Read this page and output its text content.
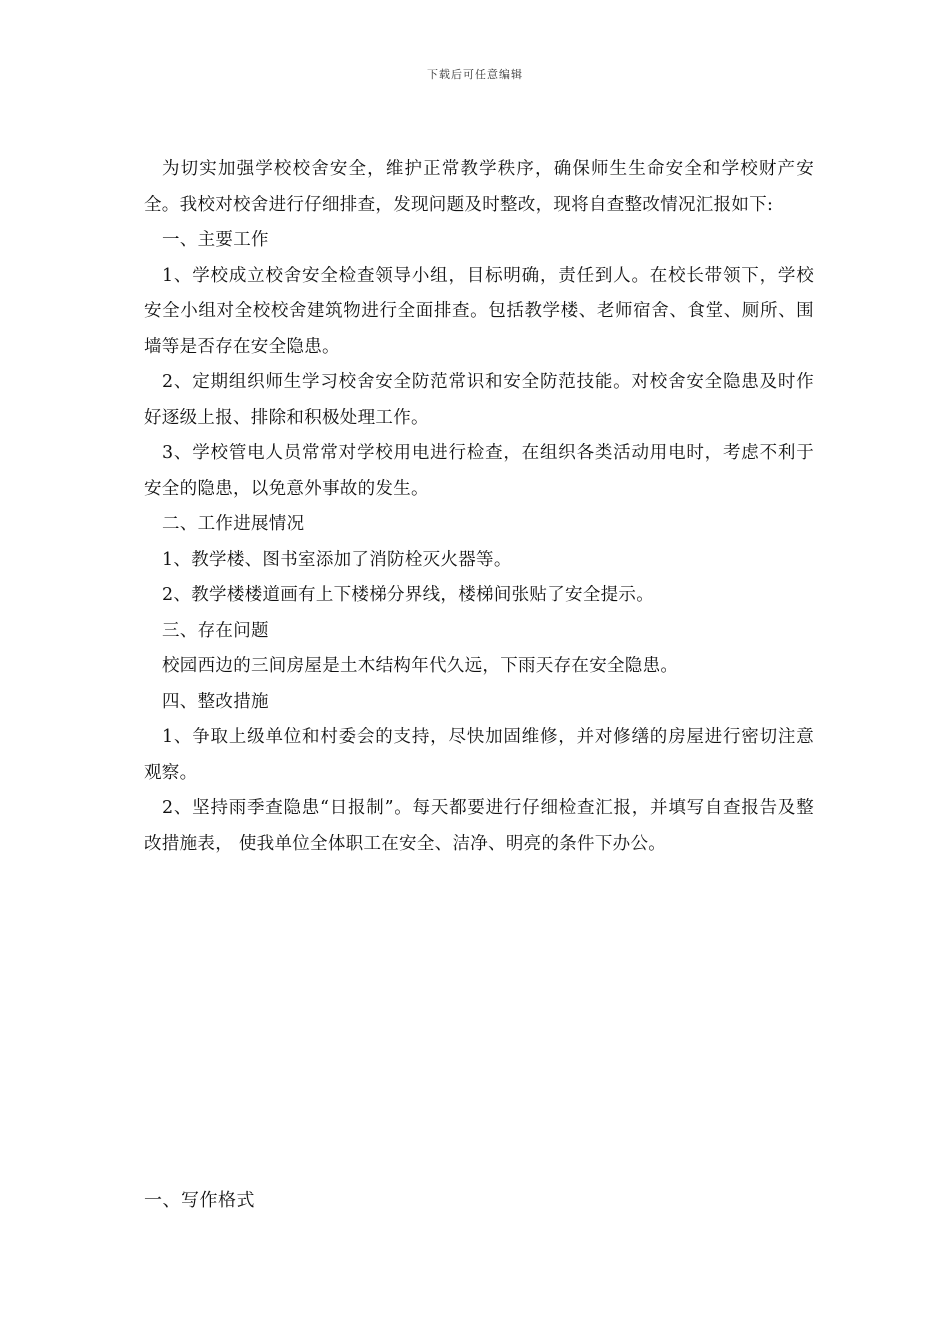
下载后可任意编辑

为切实加强学校校舍安全，维护正常教学秩序，确保师生生命安全和学校财产安全。我校对校舍进行仔细排查，发现问题及时整改，现将自查整改情况汇报如下:

一、主要工作

1、学校成立校舍安全检查领导小组，目标明确，责任到人。在校长带领下，学校安全小组对全校校舍建筑物进行全面排查。包括教学楼、老师宿舍、食堂、厕所、围墙等是否存在安全隐患。

2、定期组织师生学习校舍安全防范常识和安全防范技能。对校舍安全隐患及时作好逐级上报、排除和积极处理工作。

3、学校管电人员常常对学校用电进行检查，在组织各类活动用电时，考虑不利于安全的隐患，以免意外事故的发生。

二、工作进展情况

1、教学楼、图书室添加了消防栓灭火器等。

2、教学楼楼道画有上下楼梯分界线，楼梯间张贴了安全提示。

三、存在问题

校园西边的三间房屋是土木结构年代久远，下雨天存在安全隐患。

四、整改措施

1、争取上级单位和村委会的支持，尽快加固维修，并对修缮的房屋进行密切注意观察。

2、坚持雨季查隐患“日报制”。每天都要进行仔细检查汇报，并填写自查报告及整改措施表， 使我单位全体职工在安全、洁净、明亮的条件下办公。

一、写作格式
